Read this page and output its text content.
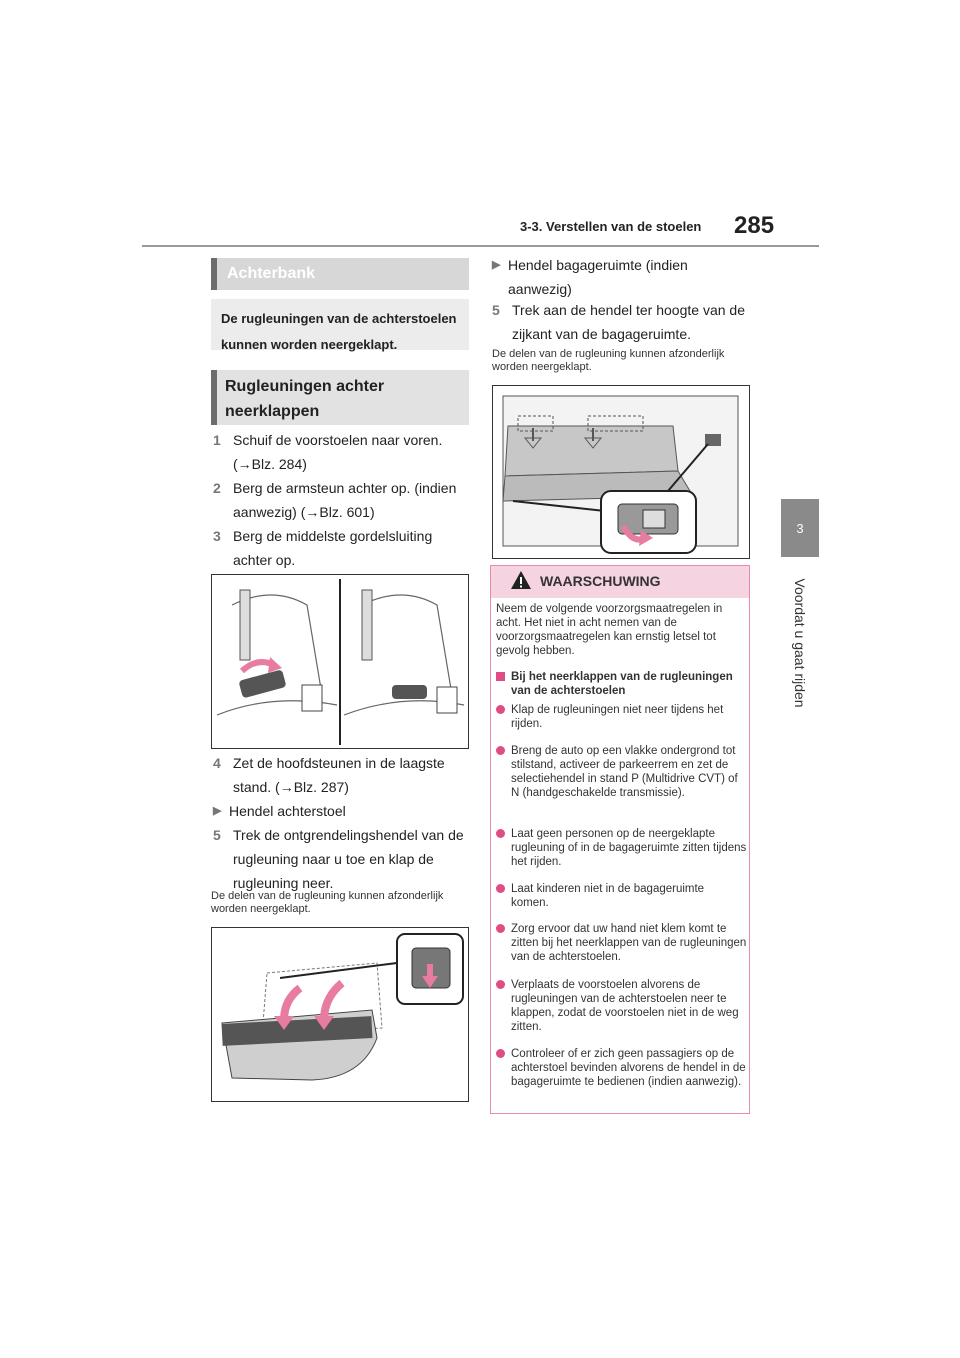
3-3. Verstellen van de stoelen 285
3
Voordat u gaat rijden
Achterbank
De rugleuningen van de achterstoelen kunnen worden neergeklapt.
Rugleuningen achter neerklappen
1 Schuif de voorstoelen naar voren. (→Blz. 284)
2 Berg de armsteun achter op. (indien aanwezig) (→Blz. 601)
3 Berg de middelste gordelsluiting achter op.
4 Zet de hoofdsteunen in de laagste stand. (→Blz. 287)
▶ Hendel achterstoel
5 Trek de ontgrendelingshendel van de rugleuning naar u toe en klap de rugleuning neer.
De delen van de rugleuning kunnen afzonderlijk worden neergeklapt.
▶ Hendel bagageruimte (indien aanwezig)
5 Trek aan de hendel ter hoogte van de zijkant van de bagageruimte.
De delen van de rugleuning kunnen afzonderlijk worden neergeklapt.
WAARSCHUWING
Neem de volgende voorzorgsmaatregelen in acht. Het niet in acht nemen van de voorzorgsmaatregelen kan ernstig letsel tot gevolg hebben.
Bij het neerklappen van de rugleuningen van de achterstoelen
Klap de rugleuningen niet neer tijdens het rijden.
Breng de auto op een vlakke ondergrond tot stilstand, activeer de parkeerrem en zet de selectiehendel in stand P (Multidrive CVT) of N (handgeschakelde transmissie).
Laat geen personen op de neergeklapte rugleuning of in de bagageruimte zitten tijdens het rijden.
Laat kinderen niet in de bagageruimte komen.
Zorg ervoor dat uw hand niet klem komt te zitten bij het neerklappen van de rugleuningen van de achterstoelen.
Verplaats de voorstoelen alvorens de rugleuningen van de achterstoelen neer te klappen, zodat de voorstoelen niet in de weg zitten.
Controleer of er zich geen passagiers op de achterstoel bevinden alvorens de hendel in de bagageruimte te bedienen (indien aanwezig).
